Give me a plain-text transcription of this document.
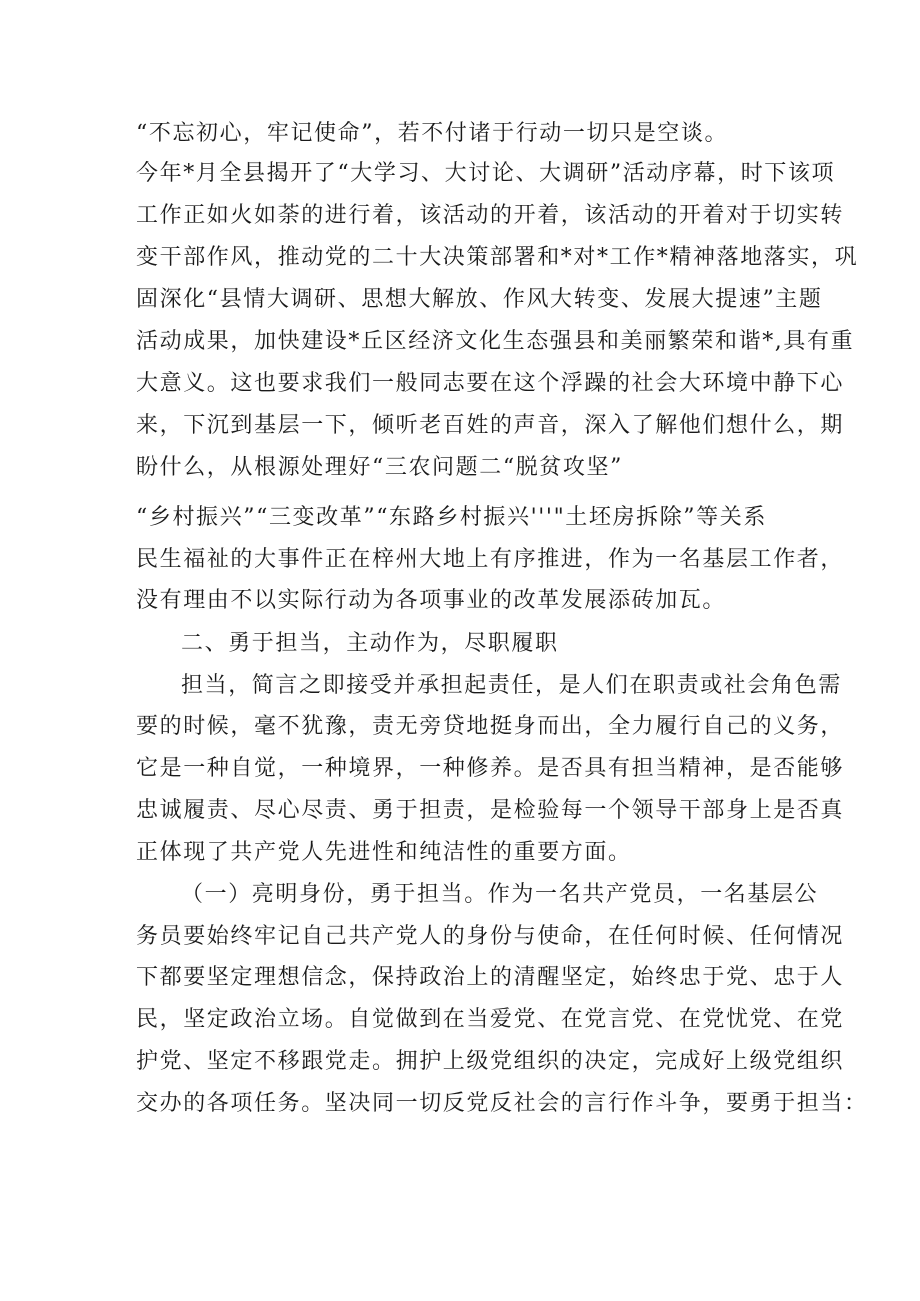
“不忘初心，牢记使命”，若不付诸于行动一切只是空谈。
今年*月全县揭开了“大学习、大讨论、大调研”活动序幕，时下该项
工作正如火如荼的进行着，该活动的开着，该活动的开着对于切实转
变干部作风，推动党的二十大决策部署和*对*工作*精神落地落实，巩
固深化“县情大调研、思想大解放、作风大转变、发展大提速”主题
活动成果，加快建设*丘区经济文化生态强县和美丽繁荣和谐*,具有重
大意义。这也要求我们一般同志要在这个浮躁的社会大环境中静下心
来，下沉到基层一下，倾听老百姓的声音，深入了解他们想什么，期
盼什么，从根源处理好“三农问题二“脱贫攻坚”
“乡村振兴”“三变改革”“东路乡村振兴'''"土坯房拆除”等关系
民生福祉的大事件正在梓州大地上有序推进，作为一名基层工作者，
没有理由不以实际行动为各项事业的改革发展添砖加瓦。
二、勇于担当，主动作为，尽职履职
担当，简言之即接受并承担起责任，是人们在职责或社会角色需
要的时候，毫不犹豫，责无旁贷地挺身而出，全力履行自己的义务，
它是一种自觉，一种境界，一种修养。是否具有担当精神，是否能够
忠诚履责、尽心尽责、勇于担责，是检验每一个领导干部身上是否真
正体现了共产党人先进性和纯洁性的重要方面。
（一）亮明身份，勇于担当。作为一名共产党员，一名基层公
务员要始终牢记自己共产党人的身份与使命，在任何时候、任何情况
下都要坚定理想信念，保持政治上的清醒坚定，始终忠于党、忠于人
民，坚定政治立场。自觉做到在当爱党、在党言党、在党忧党、在党
护党、坚定不移跟党走。拥护上级党组织的决定，完成好上级党组织
交办的各项任务。坚决同一切反党反社会的言行作斗争，要勇于担当：
